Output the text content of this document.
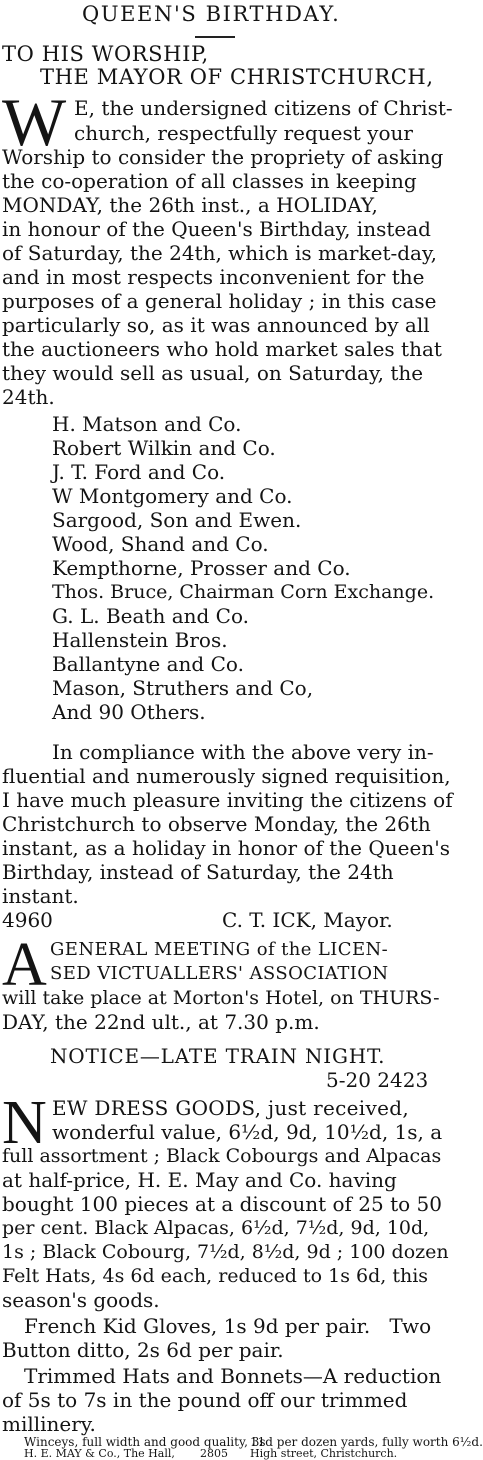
QUEEN'S BIRTHDAY.
TO HIS WORSHIP,
THE MAYOR OF CHRISTCHURCH,
W E, the undersigned citizens of Christ-
church, respectfully request your
Worship to consider the propriety of asking
the co-operation of all classes in keeping
MONDAY, the 26th inst., a HOLIDAY,
in honour of the Queen's Birthday, instead
of Saturday, the 24th, which is market-day,
and in most respects inconvenient for the
purposes of a general holiday ; in this case
particularly so, as it was announced by all
the auctioneers who hold market sales that
they would sell as usual, on Saturday, the
24th.
H. Matson and Co.
Robert Wilkin and Co.
J. T. Ford and Co.
W Montgomery and Co.
Sargood, Son and Ewen.
Wood, Shand and Co.
Kempthorne, Prosser and Co.
Thos. Bruce, Chairman Corn Exchange.
G. L. Beath and Co.
Hallenstein Bros.
Ballantyne and Co.
Mason, Struthers and Co,
And 90 Others.
In compliance with the above very in-
fluential and numerously signed requisition,
I have much pleasure inviting the citizens of
Christchurch to observe Monday, the 26th
instant, as a holiday in honor of the Queen's
Birthday, instead of Saturday, the 24th
instant.
4960	C. T. ICK, Mayor.
A GENERAL MEETING of the LICEN-
SED VICTUALLERS' ASSOCIATION
will take place at Morton's Hotel, on THURS-
DAY, the 22nd ult., at 7.30 p.m.
NOTICE—LATE TRAIN NIGHT.
5-20 2423
N EW DRESS GOODS, just received,
wonderful value, 6½d, 9d, 10½d, 1s, a
full assortment ; Black Cobourgs and Alpacas
at half-price, H. E. May and Co. having
bought 100 pieces at a discount of 25 to 50
per cent. Black Alpacas, 6½d, 7½d, 9d, 10d,
1s ; Black Cobourg, 7½d, 8½d, 9d ; 100 dozen
Felt Hats, 4s 6d each, reduced to 1s 6d, this
season's goods.
French Kid Gloves, 1s 9d per pair.   Two
Button ditto, 2s 6d per pair.
Trimmed Hats and Bonnets—A reduction
of 5s to 7s in the pound off our trimmed
millinery.
Winceys, full width and good quality, 3s
11d per dozen yards, fully worth 6½d.
H. E. MAY & Co., The Hall, 2805 High street, Christchurch.
